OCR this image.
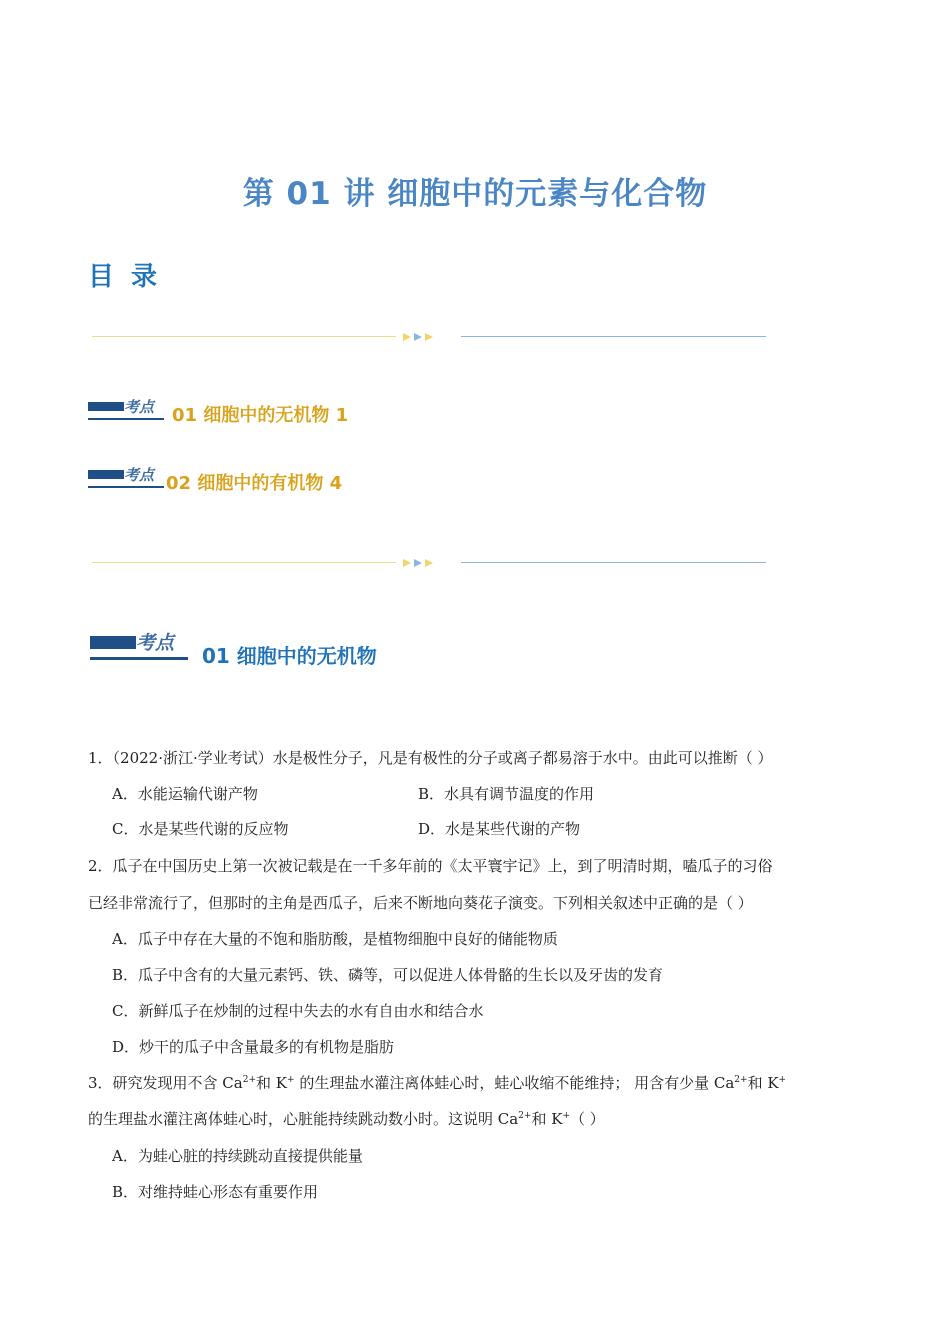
第 01 讲 细胞中的元素与化合物
目 录
考点 01 细胞中的无机物 1
考点 02 细胞中的有机物 4
考点
01 细胞中的无机物
1．（2022·浙江·学业考试）水是极性分子，凡是有极性的分子或离子都易溶于水中。由此可以推断（ ）
A．水能运输代谢产物	B．水具有调节温度的作用
C．水是某些代谢的反应物	D．水是某些代谢的产物
2．瓜子在中国历史上第一次被记载是在一千多年前的《太平寰宇记》上，到了明清时期，嗑瓜子的习俗
已经非常流行了，但那时的主角是西瓜子，后来不断地向葵花子演变。下列相关叙述中正确的是（ ）
A．瓜子中存在大量的不饱和脂肪酸，是植物细胞中良好的储能物质
B．瓜子中含有的大量元素钙、铁、磷等，可以促进人体骨骼的生长以及牙齿的发育
C．新鲜瓜子在炒制的过程中失去的水有自由水和结合水
D．炒干的瓜子中含量最多的有机物是脂肪
3．研究发现用不含 $Ca^{2+}$和 K+ 的生理盐水灌注离体蛙心时，蛙心收缩不能维持； 用含有少量 $Ca^{2+}$和 K+
的生理盐水灌注离体蛙心时，心脏能持续跳动数小时。这说明 $Ca^{2+}$和 K+（ ）
A．为蛙心脏的持续跳动直接提供能量
B．对维持蛙心形态有重要作用
